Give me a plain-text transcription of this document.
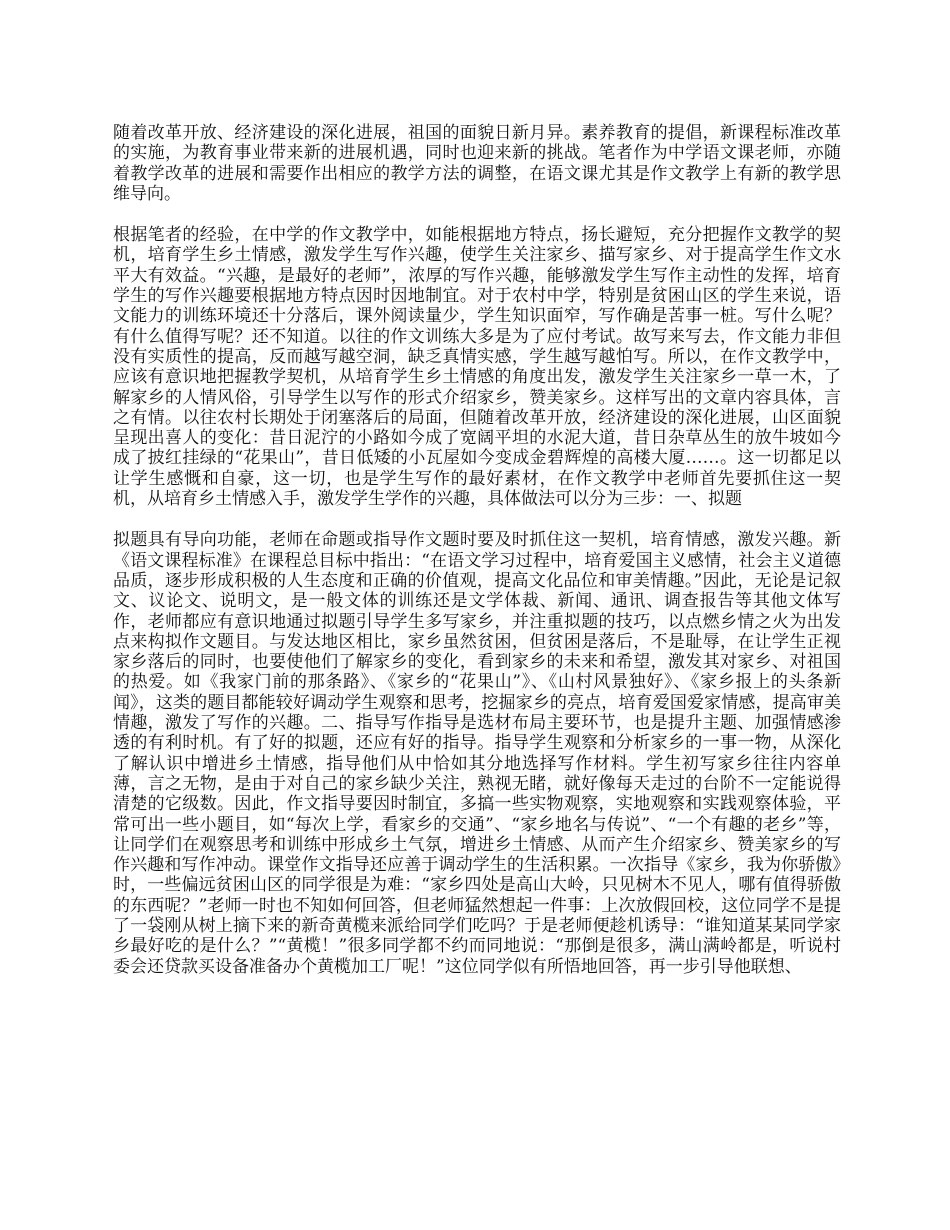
随着改革开放、经济建设的深化进展，祖国的面貌日新月异。素养教育的提倡，新课程标准改革的实施，为教育事业带来新的进展机遇，同时也迎来新的挑战。笔者作为中学语文课老师，亦随着教学改革的进展和需要作出相应的教学方法的调整，在语文课尤其是作文教学上有新的教学思维导向。

根据笔者的经验，在中学的作文教学中，如能根据地方特点，扬长避短，充分把握作文教学的契机，培育学生乡土情感，激发学生写作兴趣，使学生关注家乡、描写家乡、对于提高学生作文水平大有效益。“兴趣，是最好的老师”，浓厚的写作兴趣，能够激发学生写作主动性的发挥，培育学生的写作兴趣要根据地方特点因时因地制宜。对于农村中学，特别是贫困山区的学生来说，语文能力的训练环境还十分落后，课外阅读量少，学生知识面窄，写作确是苦事一桩。写什么呢？有什么值得写呢？还不知道。以往的作文训练大多是为了应付考试。故写来写去，作文能力非但没有实质性的提高，反而越写越空洞，缺乏真情实感，学生越写越怕写。所以，在作文教学中，应该有意识地把握教学契机，从培育学生乡土情感的角度出发，激发学生关注家乡一草一木，了解家乡的人情风俗，引导学生以写作的形式介绍家乡，赞美家乡。这样写出的文章内容具体，言之有情。以往农村长期处于闭塞落后的局面，但随着改革开放，经济建设的深化进展，山区面貌呈现出喜人的变化：昔日泥泞的小路如今成了宽阔平坦的水泥大道，昔日杂草丛生的放牛坡如今成了披红挂绿的“花果山”，昔日低矮的小瓦屋如今变成金碧辉煌的高楼大厦……。这一切都足以让学生感慨和自豪，这一切，也是学生写作的最好素材，在作文教学中老师首先要抓住这一契机，从培育乡土情感入手，激发学生学作的兴趣，具体做法可以分为三步：一、拟题

拟题具有导向功能，老师在命题或指导作文题时要及时抓住这一契机，培育情感，激发兴趣。新《语文课程标准》在课程总目标中指出：“在语文学习过程中，培育爱国主义感情，社会主义道德品质，逐步形成积极的人生态度和正确的价值观，提高文化品位和审美情趣。”因此，无论是记叙文、议论文、说明文，是一般文体的训练还是文学体裁、新闻、通讯、调查报告等其他文体写作，老师都应有意识地通过拟题引导学生多写家乡，并注重拟题的技巧，以点燃乡情之火为出发点来构拟作文题目。与发达地区相比，家乡虽然贫困，但贫困是落后，不是耻辱，在让学生正视家乡落后的同时，也要使他们了解家乡的变化，看到家乡的未来和希望，激发其对家乡、对祖国的热爱。如《我家门前的那条路》、《家乡的“花果山”》、《山村风景独好》、《家乡报上的头条新闻》，这类的题目都能较好调动学生观察和思考，挖掘家乡的亮点，培育爱国爱家情感，提高审美情趣，激发了写作的兴趣。二、指导写作指导是选材布局主要环节，也是提升主题、加强情感渗透的有利时机。有了好的拟题，还应有好的指导。指导学生观察和分析家乡的一事一物，从深化了解认识中增进乡土情感，指导他们从中恰如其分地选择写作材料。学生初写家乡往往内容单薄，言之无物，是由于对自己的家乡缺少关注，熟视无睹，就好像每天走过的台阶不一定能说得清楚的它级数。因此，作文指导要因时制宜，多搞一些实物观察，实地观察和实践观察体验，平常可出一些小题目，如“每次上学，看家乡的交通”、“家乡地名与传说”、“一个有趣的老乡”等，让同学们在观察思考和训练中形成乡土气氛，增进乡土情感、从而产生介绍家乡、赞美家乡的写作兴趣和写作冲动。课堂作文指导还应善于调动学生的生活积累。一次指导《家乡，我为你骄傲》时，一些偏远贫困山区的同学很是为难：“家乡四处是高山大岭，只见树木不见人，哪有值得骄傲的东西呢？”老师一时也不知如何回答，但老师猛然想起一件事：上次放假回校，这位同学不是提了一袋刚从树上摘下来的新奇黄榄来派给同学们吃吗？于是老师便趁机诱导：“谁知道某某同学家乡最好吃的是什么？”“黄榄！”很多同学都不约而同地说：“那倒是很多，满山满岭都是，听说村委会还贷款买设备准备办个黄榄加工厂呢！”这位同学似有所悟地回答，再一步引导他联想、
